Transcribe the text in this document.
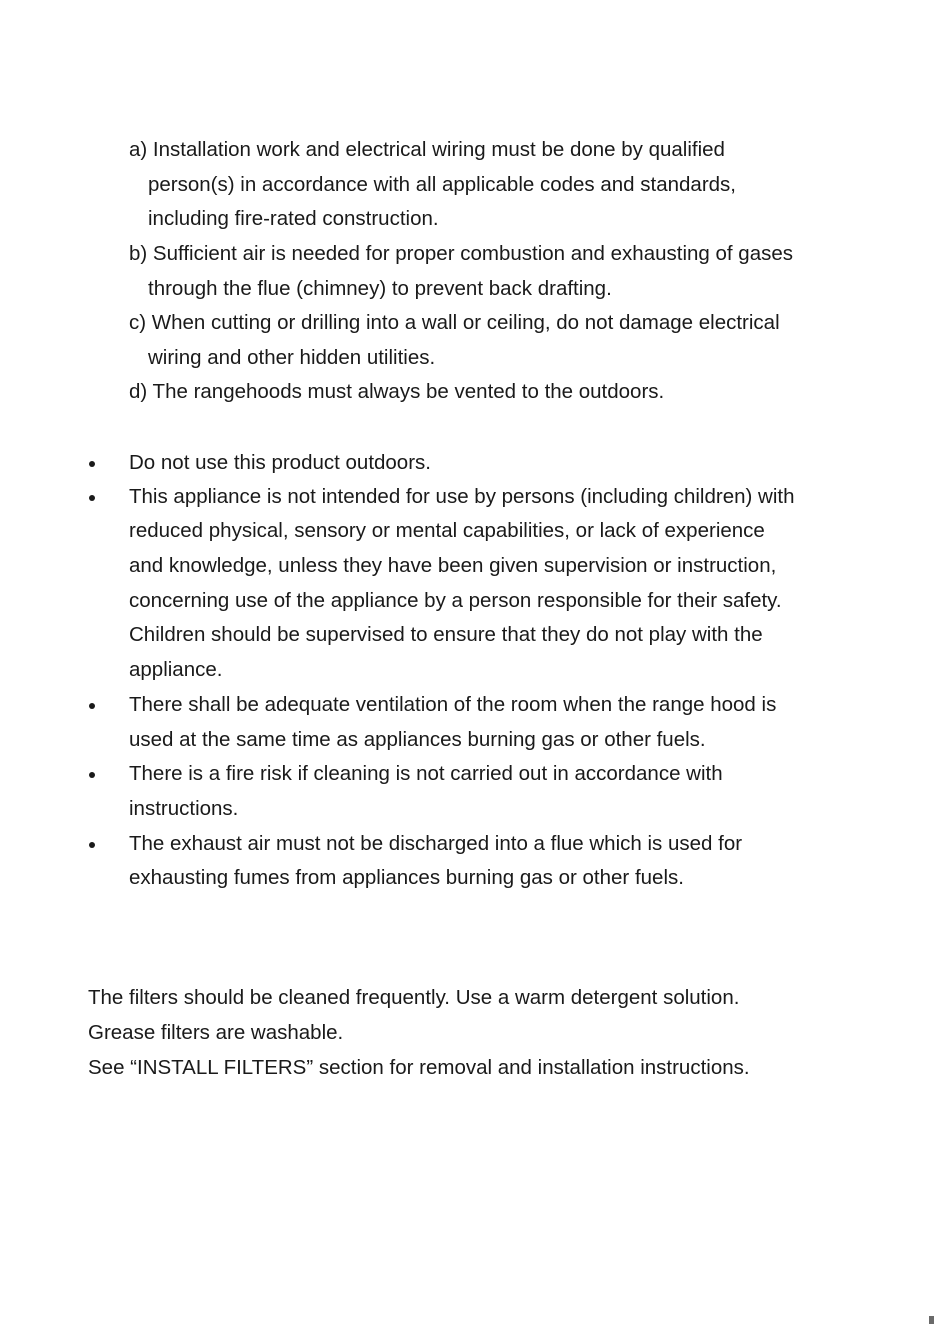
a) Installation work and electrical wiring must be done by qualified
person(s) in accordance with all applicable codes and standards,
including fire-rated construction.
b) Sufficient air is needed for proper combustion and exhausting of gases
through the flue (chimney) to prevent back drafting.
c) When cutting or drilling into a wall or ceiling, do not damage electrical
wiring and other hidden utilities.
d) The rangehoods must always be vented to the outdoors.
Do not use this product outdoors.
This appliance is not intended for use by persons (including children) with
reduced physical, sensory or mental capabilities, or lack of experience
and knowledge, unless they have been given supervision or instruction,
concerning use of the appliance by a person responsible for their safety.
Children should be supervised to ensure that they do not play with the
appliance.
There shall be adequate ventilation of the room when the range hood is
used at the same time as appliances burning gas or other fuels.
There is a fire risk if cleaning is not carried out in accordance with
instructions.
The exhaust air must not be discharged into a flue which is used for
exhausting fumes from appliances burning gas or other fuels.
The filters should be cleaned frequently. Use a warm detergent solution.
Grease filters are washable.
See “INSTALL FILTERS” section for removal and installation instructions.
